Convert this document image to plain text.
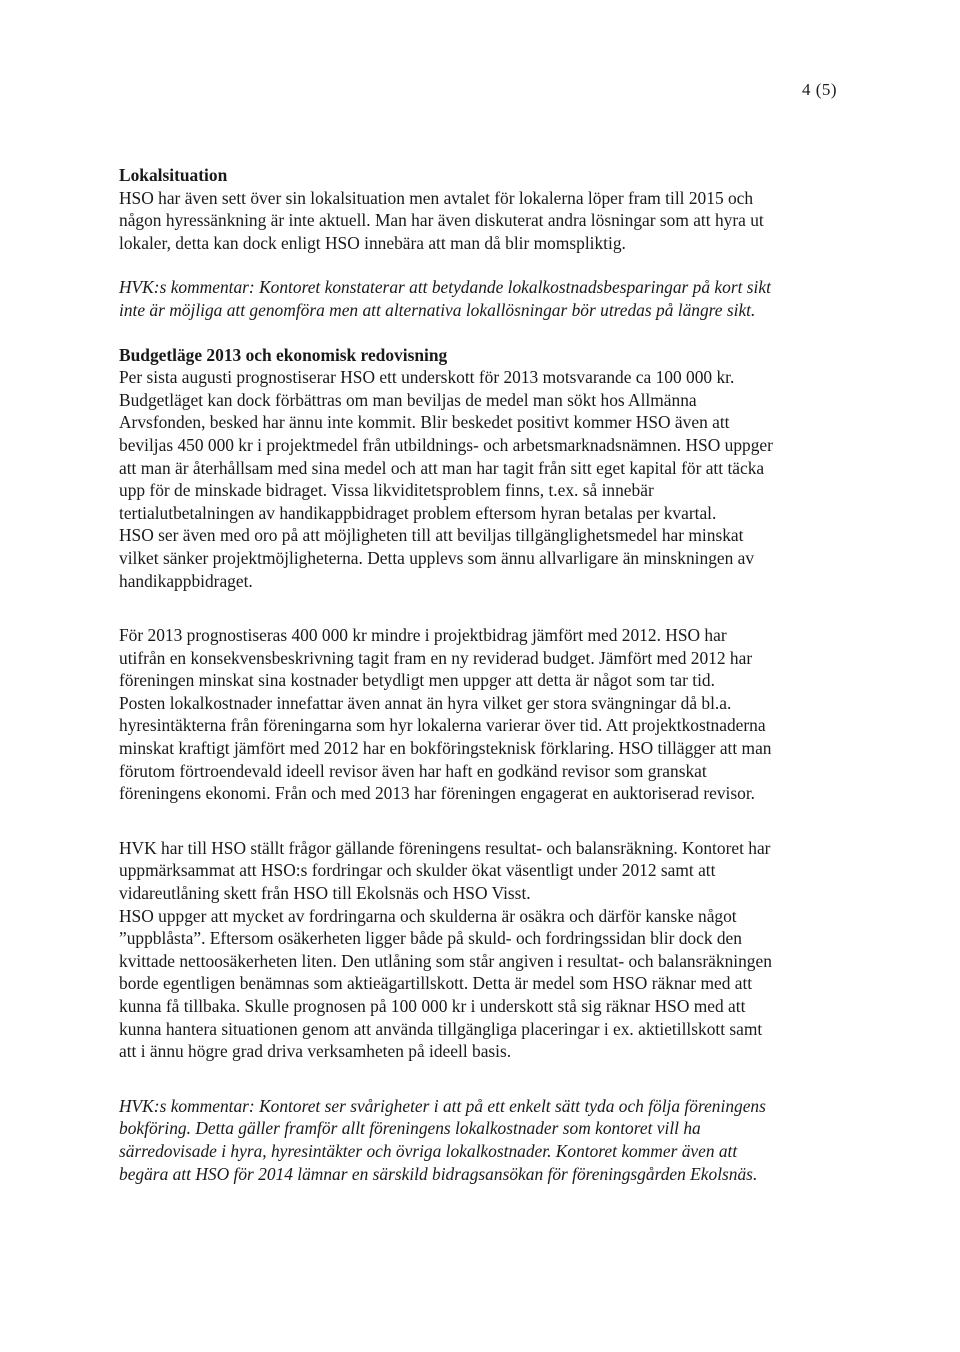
4 (5)

Lokalsituation

HSO har även sett över sin lokalsituation men avtalet för lokalerna löper fram till 2015 och
någon hyressänkning är inte aktuell. Man har även diskuterat andra lösningar som att hyra ut
lokaler, detta kan dock enligt HSO innebära att man då blir momspliktig.

HVK:s kommentar: Kontoret konstaterar att betydande lokalkostnadsbesparingar på kort sikt
inte är möjliga att genomföra men att alternativa lokallösningar bör utredas på längre sikt.

Budgetläge 2013 och ekonomisk redovisning

Per sista augusti prognostiserar HSO ett underskott för 2013 motsvarande ca 100 000 kr.
Budgetläget kan dock förbättras om man beviljas de medel man sökt hos Allmänna
Arvsfonden, besked har ännu inte kommit. Blir beskedet positivt kommer HSO även att
beviljas 450 000 kr i projektmedel från utbildnings- och arbetsmarknadsnämnen. HSO uppger
att man är återhållsam med sina medel och att man har tagit från sitt eget kapital för att täcka
upp för de minskade bidraget. Vissa likviditetsproblem finns, t.ex. så innebär
tertialutbetalningen av handikappbidraget problem eftersom hyran betalas per kvartal.
HSO ser även med oro på att möjligheten till att beviljas tillgänglighetsmedel har minskat
vilket sänker projektmöjligheterna. Detta upplevs som ännu allvarligare än minskningen av
handikappbidraget.

För 2013 prognostiseras 400 000 kr mindre i projektbidrag jämfört med 2012. HSO har
utifrån en konsekvensbeskrivning tagit fram en ny reviderad budget. Jämfört med 2012 har
föreningen minskat sina kostnader betydligt men uppger att detta är något som tar tid.
Posten lokalkostnader innefattar även annat än hyra vilket ger stora svängningar då bl.a.
hyresintäkterna från föreningarna som hyr lokalerna varierar över tid. Att projektkostnaderna
minskat kraftigt jämfört med 2012 har en bokföringsteknisk förklaring. HSO tillägger att man
förutom förtroendevald ideell revisor även har haft en godkänd revisor som granskat
föreningens ekonomi. Från och med 2013 har föreningen engagerat en auktoriserad revisor.

HVK har till HSO ställt frågor gällande föreningens resultat- och balansräkning. Kontoret har
uppmärksammat att HSO:s fordringar och skulder ökat väsentligt under 2012 samt att
vidareutlåning skett från HSO till Ekolsnäs och HSO Visst.
HSO uppger att mycket av fordringarna och skulderna är osäkra och därför kanske något
”uppblåsta”. Eftersom osäkerheten ligger både på skuld- och fordringssidan blir dock den
kvittade nettoosäkerheten liten. Den utlåning som står angiven i resultat- och balansräkningen
borde egentligen benämnas som aktieägartillskott. Detta är medel som HSO räknar med att
kunna få tillbaka. Skulle prognosen på 100 000 kr i underskott stå sig räknar HSO med att
kunna hantera situationen genom att använda tillgängliga placeringar i ex. aktietillskott samt
att i ännu högre grad driva verksamheten på ideell basis.

HVK:s kommentar: Kontoret ser svårigheter i att på ett enkelt sätt tyda och följa föreningens
bokföring. Detta gäller framför allt föreningens lokalkostnader som kontoret vill ha
särredovisade i hyra, hyresintäkter och övriga lokalkostnader. Kontoret kommer även att
begära att HSO för 2014 lämnar en särskild bidragsansökan för föreningsgården Ekolsnäs.
